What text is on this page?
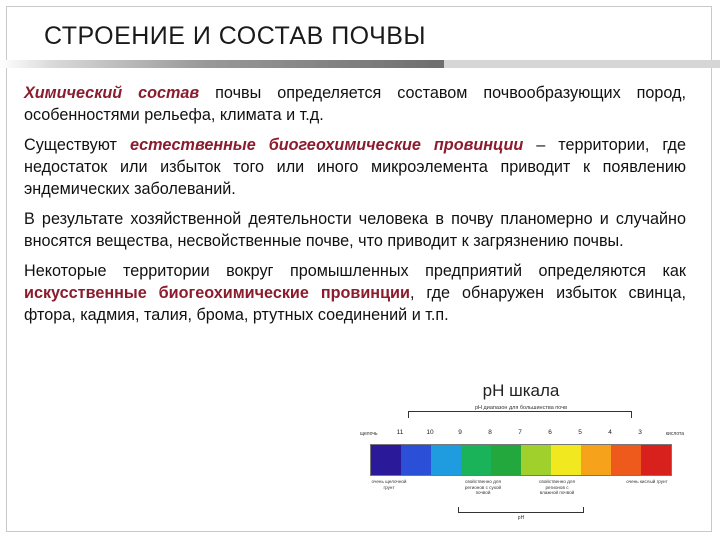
СТРОЕНИЕ И СОСТАВ ПОЧВЫ

Химический состав почвы определяется составом почвообразующих пород, особенностями рельефа, климата и т.д.

Существуют естественные биогеохимические провинции – территории, где недостаток или избыток того или иного микроэлемента приводит к появлению эндемических заболеваний.

В результате хозяйственной деятельности человека в почву планомерно и случайно вносятся вещества, несвойственные почве, что приводит к загрязнению почвы.

Некоторые территории вокруг промышленных предприятий определяются как искусственные биогеохимические провинции, где обнаружен избыток свинца, фтора, кадмия, талия, брома, ртутных соединений и т.п.

pH шкала
pH диапазон для большинства почв
щелочь	кислота
11	10	9	8	7	6	5	4	3
очень щелочной грунт
свойственно для регионов с сухой почвой
свойственно для регионов с влажной почвой
очень кислый грунт
pH
